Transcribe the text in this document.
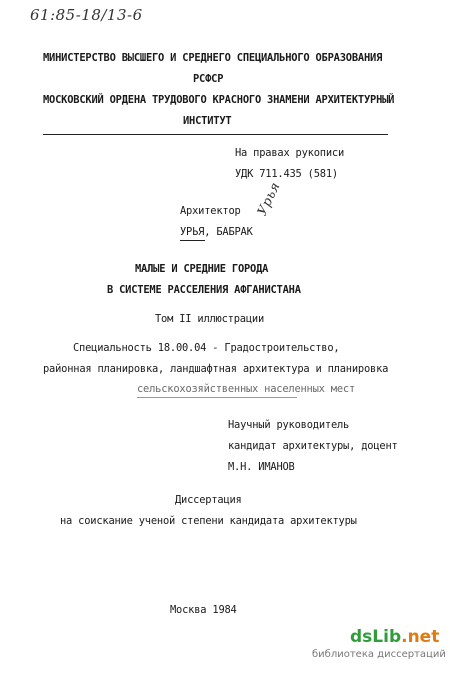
61:85-18/13-6
МИНИСТЕРСТВО ВЫСШЕГО И СРЕДНЕГО СПЕЦИАЛЬНОГО ОБРАЗОВАНИЯ
РСФСР
МОСКОВСКИЙ ОРДЕНА ТРУДОВОГО КРАСНОГО ЗНАМЕНИ АРХИТЕКТУРНЫЙ
ИНСТИТУТ
На правах рукописи
УДК 711.435 (581)
Архитектор
УРЬЯ, БАБРАК
Урья
МАЛЫЕ И СРЕДНИЕ ГОРОДА
В СИСТЕМЕ РАССЕЛЕНИЯ АФГАНИСТАНА
Том II иллюстрации
Специальность 18.00.04 - Градостроительство,
районная планировка, ландшафтная архитектура и планировка
сельскохозяйственных населенных мест
Научный руководитель
кандидат архитектуры, доцент
М.Н. ИМАНОВ
Диссертация
на соискание ученой степени кандидата архитектуры
Москва 1984
dsLib.net
библиотека диссертаций
